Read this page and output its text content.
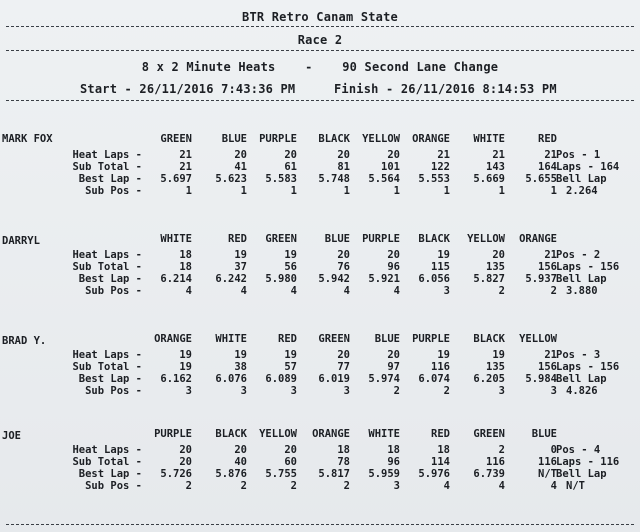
BTR Retro Canam State
Race 2
8 x 2 Minute Heats    -    90 Second Lane Change
Start - 26/11/2016 7:43:36 PM	Finish - 26/11/2016 8:14:53 PM
MARK FOX	GREEN	BLUE	PURPLE	BLACK	YELLOW	ORANGE	WHITE	RED
Heat Laps -	21	20	20	20	20	21	21	21
Sub Total -	21	41	61	81	101	122	143	164
Best Lap -	5.697	5.623	5.583	5.748	5.564	5.553	5.669	5.655
Sub Pos -	1	1	1	1	1	1	1	1
Pos - 1
Laps - 164
Bell Lap
2.264
DARRYL	WHITE	RED	GREEN	BLUE	PURPLE	BLACK	YELLOW	ORANGE
Heat Laps -	18	19	19	20	20	19	20	21
Sub Total -	18	37	56	76	96	115	135	156
Best Lap -	6.214	6.242	5.980	5.942	5.921	6.056	5.827	5.937
Sub Pos -	4	4	4	4	4	3	2	2
Pos - 2
Laps - 156
Bell Lap
3.880
BRAD Y.	ORANGE	WHITE	RED	GREEN	BLUE	PURPLE	BLACK	YELLOW
Heat Laps -	19	19	19	20	20	19	19	21
Sub Total -	19	38	57	77	97	116	135	156
Best Lap -	6.162	6.076	6.089	6.019	5.974	6.074	6.205	5.984
Sub Pos -	3	3	3	3	2	2	3	3
Pos - 3
Laps - 156
Bell Lap
4.826
JOE	PURPLE	BLACK	YELLOW	ORANGE	WHITE	RED	GREEN	BLUE
Heat Laps -	20	20	20	18	18	18	2	0
Sub Total -	20	40	60	78	96	114	116	116
Best Lap -	5.726	5.876	5.755	5.817	5.959	5.976	6.739	N/T
Sub Pos -	2	2	2	2	3	4	4	4
Pos - 4
Laps - 116
Bell Lap
N/T
